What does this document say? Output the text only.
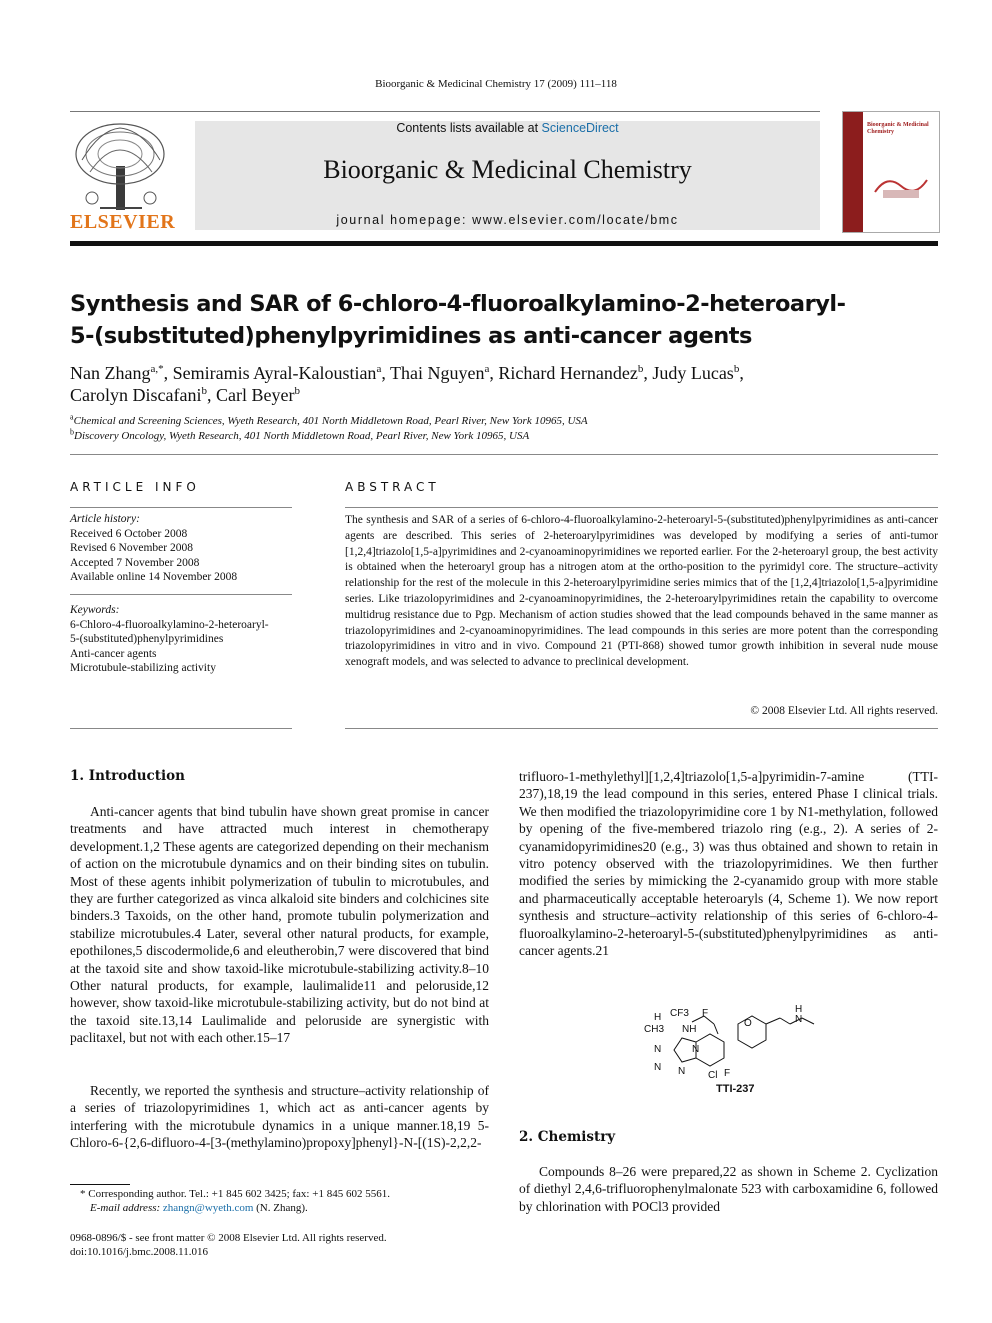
Bioorganic & Medicinal Chemistry 17 (2009) 111–118
ELSEVIER
Contents lists available at ScienceDirect
Bioorganic & Medicinal Chemistry
journal homepage: www.elsevier.com/locate/bmc
Bioorganic & Medicinal Chemistry
Synthesis and SAR of 6-chloro-4-fluoroalkylamino-2-heteroaryl-
5-(substituted)phenylpyrimidines as anti-cancer agents
Nan Zhang$^{a,*}$, Semiramis Ayral-Kaloustian$^a$, Thai Nguyen$^a$, Richard Hernandez$^b$, Judy Lucas$^b$,
Carolyn Discafani$^b$, Carl Beyer$^b$
$^a$Chemical and Screening Sciences, Wyeth Research, 401 North Middletown Road, Pearl River, New York 10965, USA
$^b$Discovery Oncology, Wyeth Research, 401 North Middletown Road, Pearl River, New York 10965, USA
ARTICLE INFO
Article history:
Received 6 October 2008
Revised 6 November 2008
Accepted 7 November 2008
Available online 14 November 2008
Keywords:
6-Chloro-4-fluoroalkylamino-2-heteroaryl-
5-(substituted)phenylpyrimidines
Anti-cancer agents
Microtubule-stabilizing activity
ABSTRACT
The synthesis and SAR of a series of 6-chloro-4-fluoroalkylamino-2-heteroaryl-5-(substituted)phenylpyrimidines as anti-cancer agents are described. This series of 2-heteroarylpyrimidines was developed by modifying a series of anti-tumor [1,2,4]triazolo[1,5-a]pyrimidines and 2-cyanoaminopyrimidines we reported earlier. For the 2-heteroaryl group, the best activity is obtained when the heteroaryl group has a nitrogen atom at the ortho-position to the pyrimidyl core. The structure–activity relationship for the rest of the molecule in this 2-heteroarylpyrimidine series mimics that of the [1,2,4]triazolo[1,5-a]pyrimidine series. Like triazolopyrimidines and 2-cyanoaminopyrimidines, the 2-heteroarylpyrimidines retain the capability to overcome multidrug resistance due to Pgp. Mechanism of action studies showed that the lead compounds behaved in the same manner as triazolopyrimidines and 2-cyanoaminopyrimidines. The lead compounds in this series are more potent than the corresponding triazolopyrimidines in vitro and in vivo. Compound 21 (PTI-868) showed tumor growth inhibition in several nude mouse xenograft models, and was selected to advance to preclinical development.
© 2008 Elsevier Ltd. All rights reserved.
1. Introduction

Anti-cancer agents that bind tubulin have shown great promise in cancer treatments and have attracted much interest in chemotherapy development.1,2 These agents are categorized depending on their mechanism of action on the microtubule dynamics and on their binding sites on tubulin. Most of these agents inhibit polymerization of tubulin to microtubules, and they are further categorized as vinca alkaloid site binders and colchicines site binders.3 Taxoids, on the other hand, promote tubulin polymerization and stabilize microtubules.4 Later, several other natural products, for example, epothilones,5 discodermolide,6 and eleutherobin,7 were discovered that bind at the taxoid site and show taxoid-like microtubule-stabilizing activity.8–10 Other natural products, for example, laulimalide11 and peloruside,12 however, show taxoid-like microtubule-stabilizing activity, but do not bind at the taxoid site.13,14 Laulimalide and peloruside are synergistic with paclitaxel, but not with each other.15–17

Recently, we reported the synthesis and structure–activity relationship of a series of triazolopyrimidines 1, which act as anti-cancer agents by interfering with the microtubule dynamics in a unique manner.18,19 5-Chloro-6-{2,6-difluoro-4-[3-(methylamino)propoxy]phenyl}-N-[(1S)-2,2,2-

trifluoro-1-methylethyl][1,2,4]triazolo[1,5-a]pyrimidin-7-amine (TTI-237),18,19 the lead compound in this series, entered Phase I clinical trials. We then modified the triazolopyrimidine core 1 by N1-methylation, followed by opening of the five-membered triazolo ring (e.g., 2). A series of 2-cyanamidopyrimidines20 (e.g., 3) was thus obtained and shown to retain in vitro potency observed with the triazolopyrimidines. We then further modified the series by mimicking the 2-cyanamido group with more stable and pharmaceutically acceptable heteroaryls (4, Scheme 1). We now report synthesis and structure–activity relationship of this series of 6-chloro-4-fluoroalkylamino-2-heteroaryl-5-(substituted)phenylpyrimidines as anti-cancer agents.21

CF3
H
CH3 NH
F
F
O	N
H
Cl
N
N N
N
TTI-237
2. Chemistry

Compounds 8–26 were prepared,22 as shown in Scheme 2. Cyclization of diethyl 2,4,6-trifluorophenylmalonate 523 with carboxamidine 6, followed by chlorination with POCl3 provided

* Corresponding author. Tel.: +1 845 602 3425; fax: +1 845 602 5561.
E-mail address: zhangn@wyeth.com (N. Zhang).
0968-0896/$ - see front matter © 2008 Elsevier Ltd. All rights reserved.
doi:10.1016/j.bmc.2008.11.016
